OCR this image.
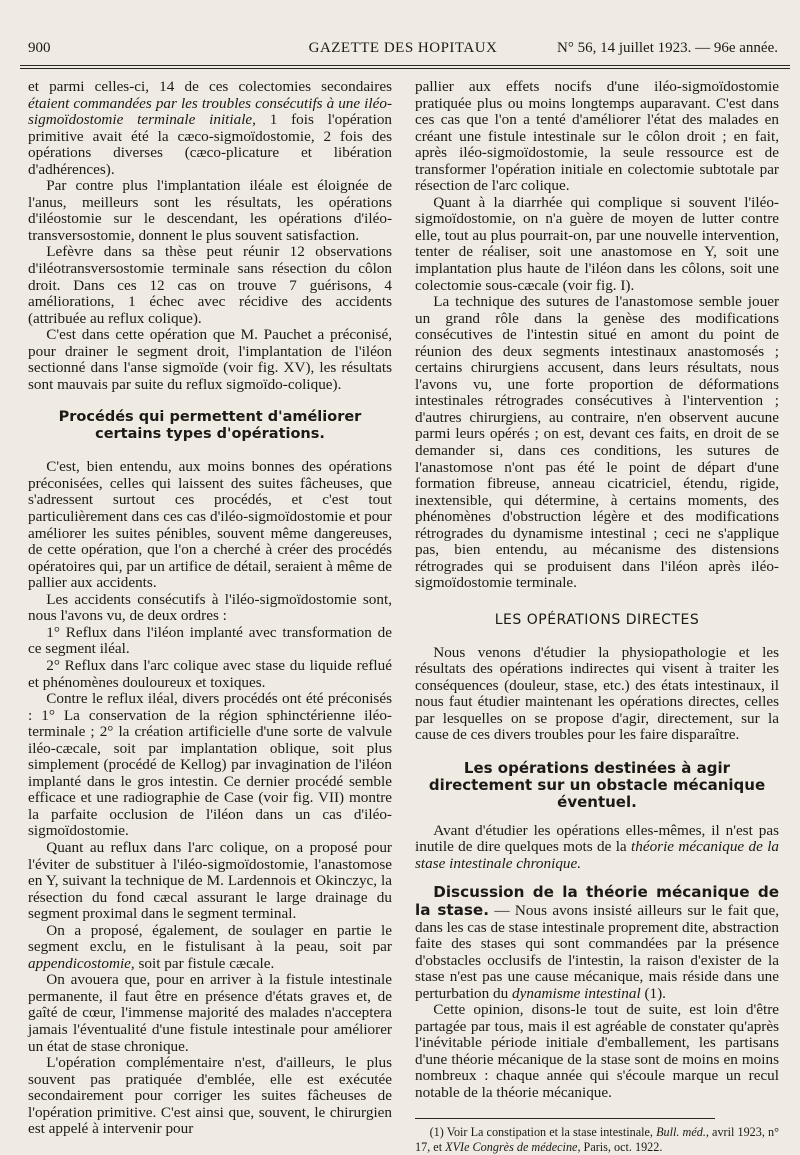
900	GAZETTE DES HOPITAUX	N° 56, 14 juillet 1923. — 96e année.

et parmi celles-ci, 14 de ces colectomies secondaires étaient commandées par les troubles consécutifs à une iléo-sigmoïdostomie terminale initiale, 1 fois l'opération primitive avait été la cæco-sigmoïdostomie, 2 fois des opérations diverses (cæco-plicature et libération d'adhérences).

Par contre plus l'implantation iléale est éloignée de l'anus, meilleurs sont les résultats, les opérations d'iléostomie sur le descendant, les opérations d'iléo-transversostomie, donnent le plus souvent satisfaction.

Lefèvre dans sa thèse peut réunir 12 observations d'iléotransversostomie terminale sans résection du côlon droit. Dans ces 12 cas on trouve 7 guérisons, 4 améliorations, 1 échec avec récidive des accidents (attribuée au reflux colique).

C'est dans cette opération que M. Pauchet a préconisé, pour drainer le segment droit, l'implantation de l'iléon sectionné dans l'anse sigmoïde (voir fig. XV), les résultats sont mauvais par suite du reflux sigmoïdo-colique).

Procédés qui permettent d'améliorer certains types d'opérations.

C'est, bien entendu, aux moins bonnes des opérations préconisées, celles qui laissent des suites fâcheuses, que s'adressent surtout ces procédés, et c'est tout particulièrement dans ces cas d'iléo-sigmoïdostomie et pour améliorer les suites pénibles, souvent même dangereuses, de cette opération, que l'on a cherché à créer des procédés opératoires qui, par un artifice de détail, seraient à même de pallier aux accidents.

Les accidents consécutifs à l'iléo-sigmoïdostomie sont, nous l'avons vu, de deux ordres :

1° Reflux dans l'iléon implanté avec transformation de ce segment iléal.

2° Reflux dans l'arc colique avec stase du liquide reflué et phénomènes douloureux et toxiques.

Contre le reflux iléal, divers procédés ont été préconisés : 1° La conservation de la région sphinctérienne iléo-terminale ; 2° la création artificielle d'une sorte de valvule iléo-cæcale, soit par implantation oblique, soit plus simplement (procédé de Kellog) par invagination de l'iléon implanté dans le gros intestin. Ce dernier procédé semble efficace et une radiographie de Case (voir fig. VII) montre la parfaite occlusion de l'iléon dans un cas d'iléo-sigmoïdostomie.

Quant au reflux dans l'arc colique, on a proposé pour l'éviter de substituer à l'iléo-sigmoïdostomie, l'anastomose en Y, suivant la technique de M. Lardennois et Okinczyc, la résection du fond cæcal assurant le large drainage du segment proximal dans le segment terminal.

On a proposé, également, de soulager en partie le segment exclu, en le fistulisant à la peau, soit par appendicostomie, soit par fistule cæcale.

On avouera que, pour en arriver à la fistule intestinale permanente, il faut être en présence d'états graves et, de gaîté de cœur, l'immense majorité des malades n'acceptera jamais l'éventualité d'une fistule intestinale pour améliorer un état de stase chronique.

L'opération complémentaire n'est, d'ailleurs, le plus souvent pas pratiquée d'emblée, elle est exécutée secondairement pour corriger les suites fâcheuses de l'opération primitive. C'est ainsi que, souvent, le chirurgien est appelé à intervenir pour

pallier aux effets nocifs d'une iléo-sigmoïdostomie pratiquée plus ou moins longtemps auparavant. C'est dans ces cas que l'on a tenté d'améliorer l'état des malades en créant une fistule intestinale sur le côlon droit ; en fait, après iléo-sigmoïdostomie, la seule ressource est de transformer l'opération initiale en colectomie subtotale par résection de l'arc colique.

Quant à la diarrhée qui complique si souvent l'iléo-sigmoïdostomie, on n'a guère de moyen de lutter contre elle, tout au plus pourrait-on, par une nouvelle intervention, tenter de réaliser, soit une anastomose en Y, soit une implantation plus haute de l'iléon dans les côlons, soit une colectomie sous-cæcale (voir fig. I).

La technique des sutures de l'anastomose semble jouer un grand rôle dans la genèse des modifications consécutives de l'intestin situé en amont du point de réunion des deux segments intestinaux anastomosés ; certains chirurgiens accusent, dans leurs résultats, nous l'avons vu, une forte proportion de déformations intestinales rétrogrades consécutives à l'intervention ; d'autres chirurgiens, au contraire, n'en observent aucune parmi leurs opérés ; on est, devant ces faits, en droit de se demander si, dans ces conditions, les sutures de l'anastomose n'ont pas été le point de départ d'une formation fibreuse, anneau cicatriciel, étendu, rigide, inextensible, qui détermine, à certains moments, des phénomènes d'obstruction légère et des modifications rétrogrades du dynamisme intestinal ; ceci ne s'applique pas, bien entendu, au mécanisme des distensions rétrogrades qui se produisent dans l'iléon après iléo-sigmoïdostomie terminale.

LES OPÉRATIONS DIRECTES

Nous venons d'étudier la physiopathologie et les résultats des opérations indirectes qui visent à traiter les conséquences (douleur, stase, etc.) des états intestinaux, il nous faut étudier maintenant les opérations directes, celles par lesquelles on se propose d'agir, directement, sur la cause de ces divers troubles pour les faire disparaître.

Les opérations destinées à agir directement sur un obstacle mécanique éventuel.

Avant d'étudier les opérations elles-mêmes, il n'est pas inutile de dire quelques mots de la théorie mécanique de la stase intestinale chronique.

Discussion de la théorie mécanique de la stase. — Nous avons insisté ailleurs sur le fait que, dans les cas de stase intestinale proprement dite, abstraction faite des stases qui sont commandées par la présence d'obstacles occlusifs de l'intestin, la raison d'exister de la stase n'est pas une cause mécanique, mais réside dans une perturbation du dynamisme intestinal (1).

Cette opinion, disons-le tout de suite, est loin d'être partagée par tous, mais il est agréable de constater qu'après l'inévitable période initiale d'emballement, les partisans d'une théorie mécanique de la stase sont de moins en moins nombreux : chaque année qui s'écoule marque un recul notable de la théorie mécanique.

(1) Voir La constipation et la stase intestinale, Bull. méd., avril 1923, n° 17, et XVIe Congrès de médecine, Paris, oct. 1922.
